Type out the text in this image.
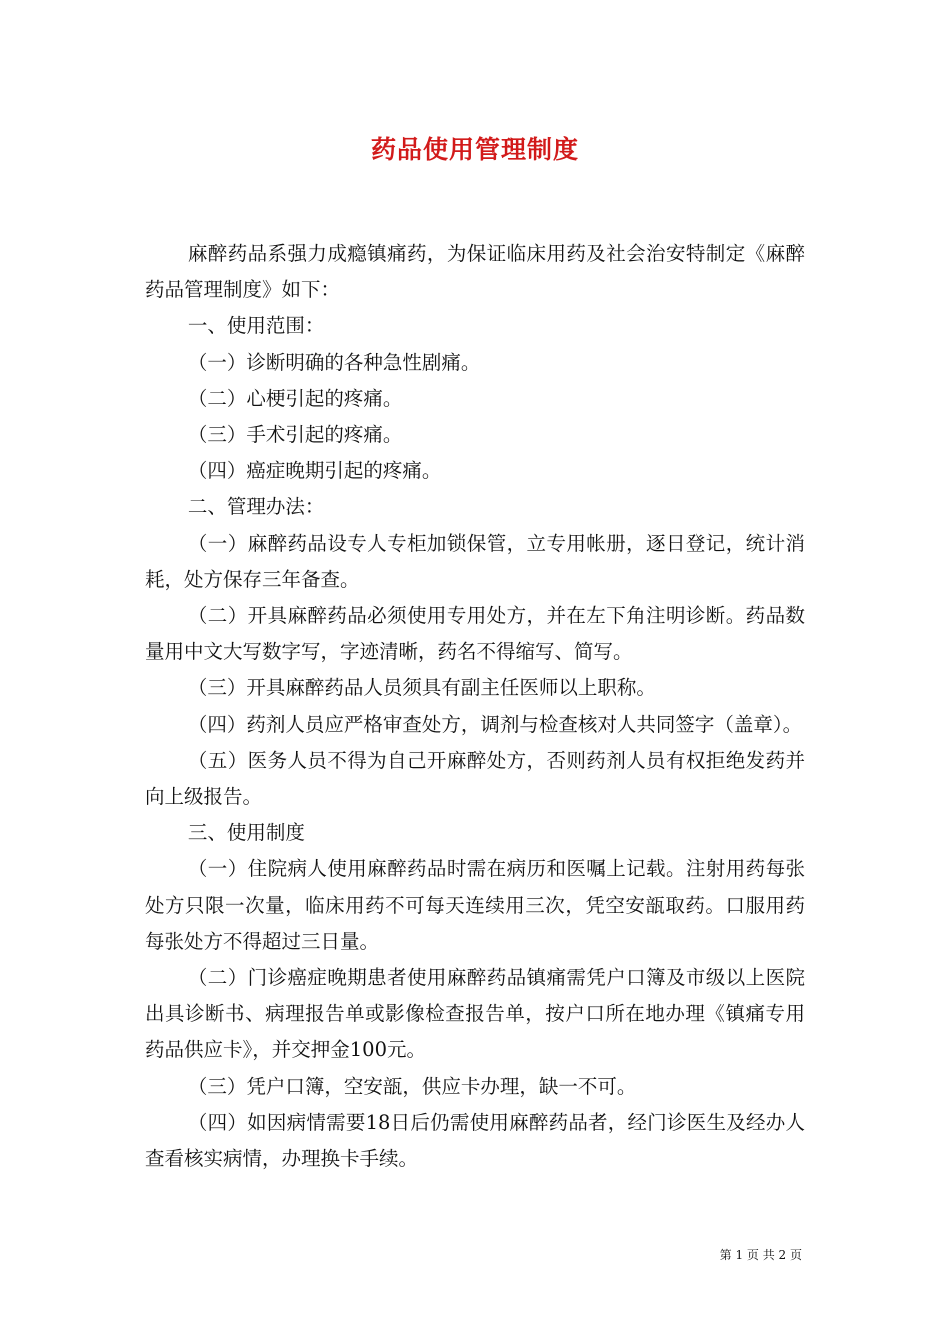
药品使用管理制度

麻醉药品系强力成瘾镇痛药，为保证临床用药及社会治安特制定《麻醉药品管理制度》如下：

一、使用范围：

（一）诊断明确的各种急性剧痛。

（二）心梗引起的疼痛。

（三）手术引起的疼痛。

（四）癌症晚期引起的疼痛。

二、管理办法：

（一）麻醉药品设专人专柜加锁保管，立专用帐册，逐日登记，统计消耗，处方保存三年备查。

（二）开具麻醉药品必须使用专用处方，并在左下角注明诊断。药品数量用中文大写数字写，字迹清晰，药名不得缩写、简写。

（三）开具麻醉药品人员须具有副主任医师以上职称。

（四）药剂人员应严格审查处方，调剂与检查核对人共同签字（盖章）。

（五）医务人员不得为自己开麻醉处方，否则药剂人员有权拒绝发药并向上级报告。

三、使用制度

（一）住院病人使用麻醉药品时需在病历和医嘱上记载。注射用药每张处方只限一次量，临床用药不可每天连续用三次，凭空安瓿取药。口服用药每张处方不得超过三日量。

（二）门诊癌症晚期患者使用麻醉药品镇痛需凭户口簿及市级以上医院出具诊断书、病理报告单或影像检查报告单，按户口所在地办理《镇痛专用药品供应卡》，并交押金100元。

（三）凭户口簿，空安瓿，供应卡办理，缺一不可。

（四）如因病情需要18日后仍需使用麻醉药品者，经门诊医生及经办人查看核实病情，办理换卡手续。

第 1 页 共 2 页
